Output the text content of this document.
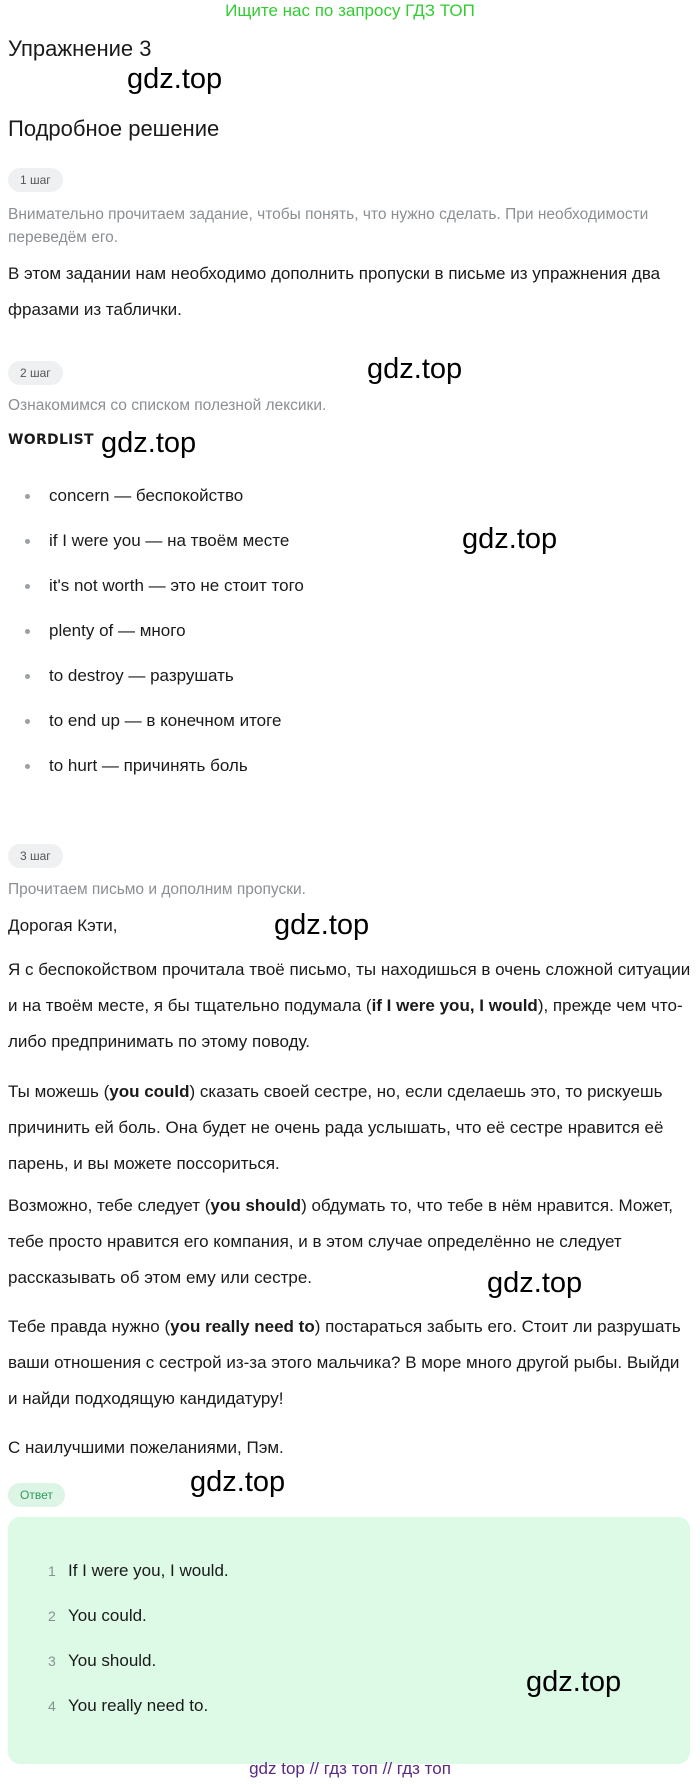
Ищите нас по запросу ГДЗ ТОП
Упражнение 3
gdz.top
Подробное решение
1 шаг

Внимательно прочитаем задание, чтобы понять, что нужно сделать. При необходимости переведём его.

В этом задании нам необходимо дополнить пропуски в письме из упражнения два фразами из таблички.

2 шаг	gdz.top

Ознакомимся со списком полезной лексики.

WORDLIST gdz.top
concern — беспокойство
if I were you — на твоём месте
it's not worth — это не стоит того
plenty of — много
to destroy — разрушать
to end up — в конечном итоге
to hurt — причинять боль
gdz.top
3 шаг

Прочитаем письмо и дополним пропуски.

Дорогая Кэти,	gdz.top

Я с беспокойством прочитала твоё письмо, ты находишься в очень сложной ситуации и на твоём месте, я бы тщательно подумала (if I were you, I would), прежде чем что-либо предпринимать по этому поводу.

Ты можешь (you could) сказать своей сестре, но, если сделаешь это, то рискуешь причинить ей боль. Она будет не очень рада услышать, что её сестре нравится её парень, и вы можете поссориться.

Возможно, тебе следует (you should) обдумать то, что тебе в нём нравится. Может, тебе просто нравится его компания, и в этом случае определённо не следует рассказывать об этом ему или сестре.	gdz.top

Тебе правда нужно (you really need to) постараться забыть его. Стоит ли разрушать ваши отношения с сестрой из-за этого мальчика? В море много другой рыбы. Выйди и найди подходящую кандидатуру!

С наилучшими пожеланиями, Пэм.

Ответ	gdz.top
1 If I were you, I would.
2 You could.
3 You should.
4 You really need to.
gdz.top
gdz top // гдз топ // гдз топ
